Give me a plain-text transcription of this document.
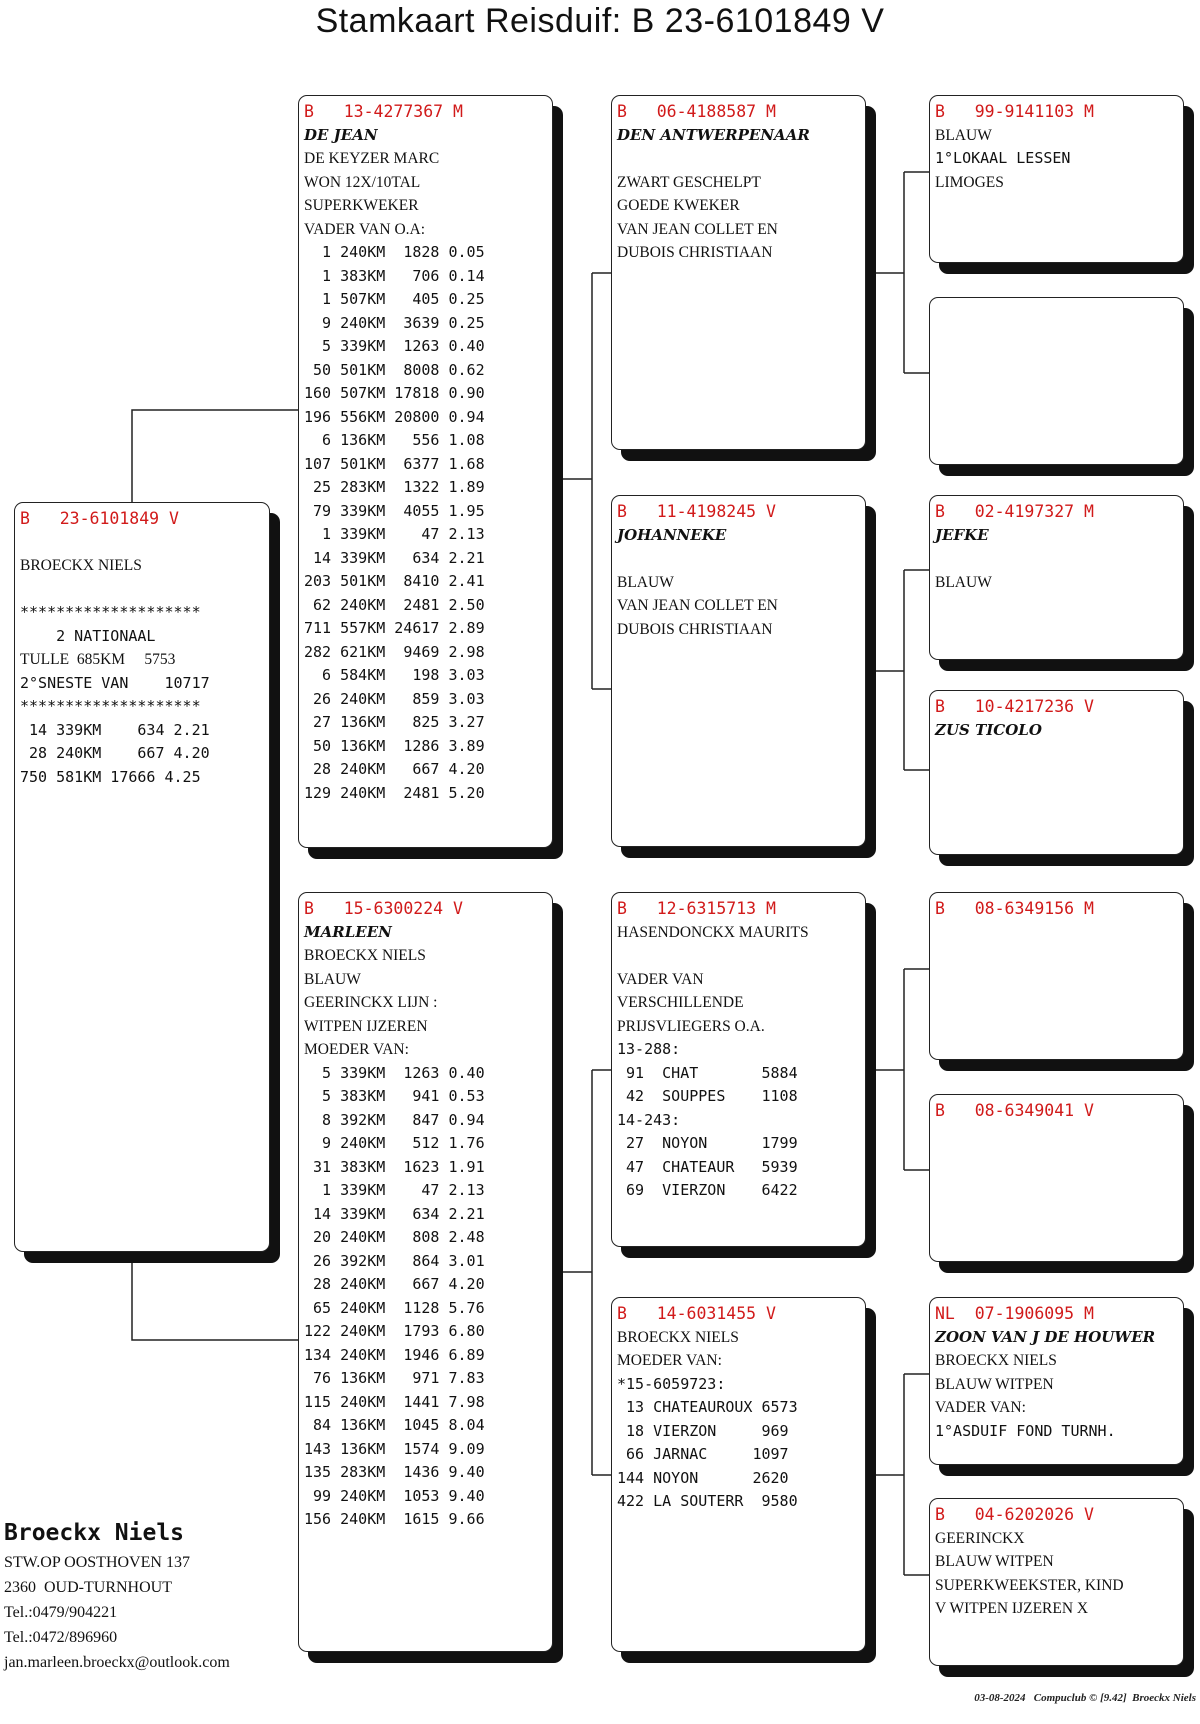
Stamkaart Reisduif: B 23-6101849 V
B   23-6101849 V
BROECKX NIELS
********************
2 NATIONAAL
TULLE  685KM     5753
2°SNESTE VAN    10717
********************
14 339KM    634 2.21
28 240KM    667 4.20
750 581KM 17666 4.25
B   13-4277367 M
DE JEAN
DE KEYZER MARC
WON 12X/10TAL
SUPERKWEKER
VADER VAN O.A:
1 240KM  1828 0.05
1 383KM   706 0.14
1 507KM   405 0.25
9 240KM  3639 0.25
5 339KM  1263 0.40
50 501KM  8008 0.62
160 507KM 17818 0.90
196 556KM 20800 0.94
6 136KM   556 1.08
107 501KM  6377 1.68
25 283KM  1322 1.89
79 339KM  4055 1.95
1 339KM    47 2.13
14 339KM   634 2.21
203 501KM  8410 2.41
62 240KM  2481 2.50
711 557KM 24617 2.89
282 621KM  9469 2.98
6 584KM   198 3.03
26 240KM   859 3.03
27 136KM   825 3.27
50 136KM  1286 3.89
28 240KM   667 4.20
129 240KM  2481 5.20
B   15-6300224 V
MARLEEN
BROECKX NIELS
BLAUW
GEERINCKX LIJN :
WITPEN IJZEREN
MOEDER VAN:
5 339KM  1263 0.40
5 383KM   941 0.53
8 392KM   847 0.94
9 240KM   512 1.76
31 383KM  1623 1.91
1 339KM    47 2.13
14 339KM   634 2.21
20 240KM   808 2.48
26 392KM   864 3.01
28 240KM   667 4.20
65 240KM  1128 5.76
122 240KM  1793 6.80
134 240KM  1946 6.89
76 136KM   971 7.83
115 240KM  1441 7.98
84 136KM  1045 8.04
143 136KM  1574 9.09
135 283KM  1436 9.40
99 240KM  1053 9.40
156 240KM  1615 9.66
B   06-4188587 M
DEN ANTWERPENAAR
ZWART GESCHELPT
GOEDE KWEKER
VAN JEAN COLLET EN
DUBOIS CHRISTIAAN
B   11-4198245 V
JOHANNEKE
BLAUW
VAN JEAN COLLET EN
DUBOIS CHRISTIAAN
B   12-6315713 M
HASENDONCKX MAURITS
VADER VAN
VERSCHILLENDE
PRIJSVLIEGERS O.A.
13-288:
91  CHAT       5884
42  SOUPPES    1108
14-243:
27  NOYON      1799
47  CHATEAUR   5939
69  VIERZON    6422
B   14-6031455 V
BROECKX NIELS
MOEDER VAN:
*15-6059723:
13 CHATEAUROUX 6573
18 VIERZON     969
66 JARNAC     1097
144 NOYON      2620
422 LA SOUTERR  9580
B   99-9141103 M
BLAUW
1°LOKAAL LESSEN
LIMOGES
B   02-4197327 M
JEFKE
BLAUW
B   10-4217236 V
ZUS TICOLO
B   08-6349156 M
B   08-6349041 V
NL  07-1906095 M
ZOON VAN J DE HOUWER
BROECKX NIELS
BLAUW WITPEN
VADER VAN:
1°ASDUIF FOND TURNH.
B   04-6202026 V
GEERINCKX
BLAUW WITPEN
SUPERKWEEKSTER, KIND
V WITPEN IJZEREN X
Broeckx Niels
STW.OP OOSTHOVEN 137
2360  OUD-TURNHOUT
Tel.:0479/904221
Tel.:0472/896960
jan.marleen.broeckx@outlook.com
03-08-2024   Compuclub © [9.42]  Broeckx Niels
